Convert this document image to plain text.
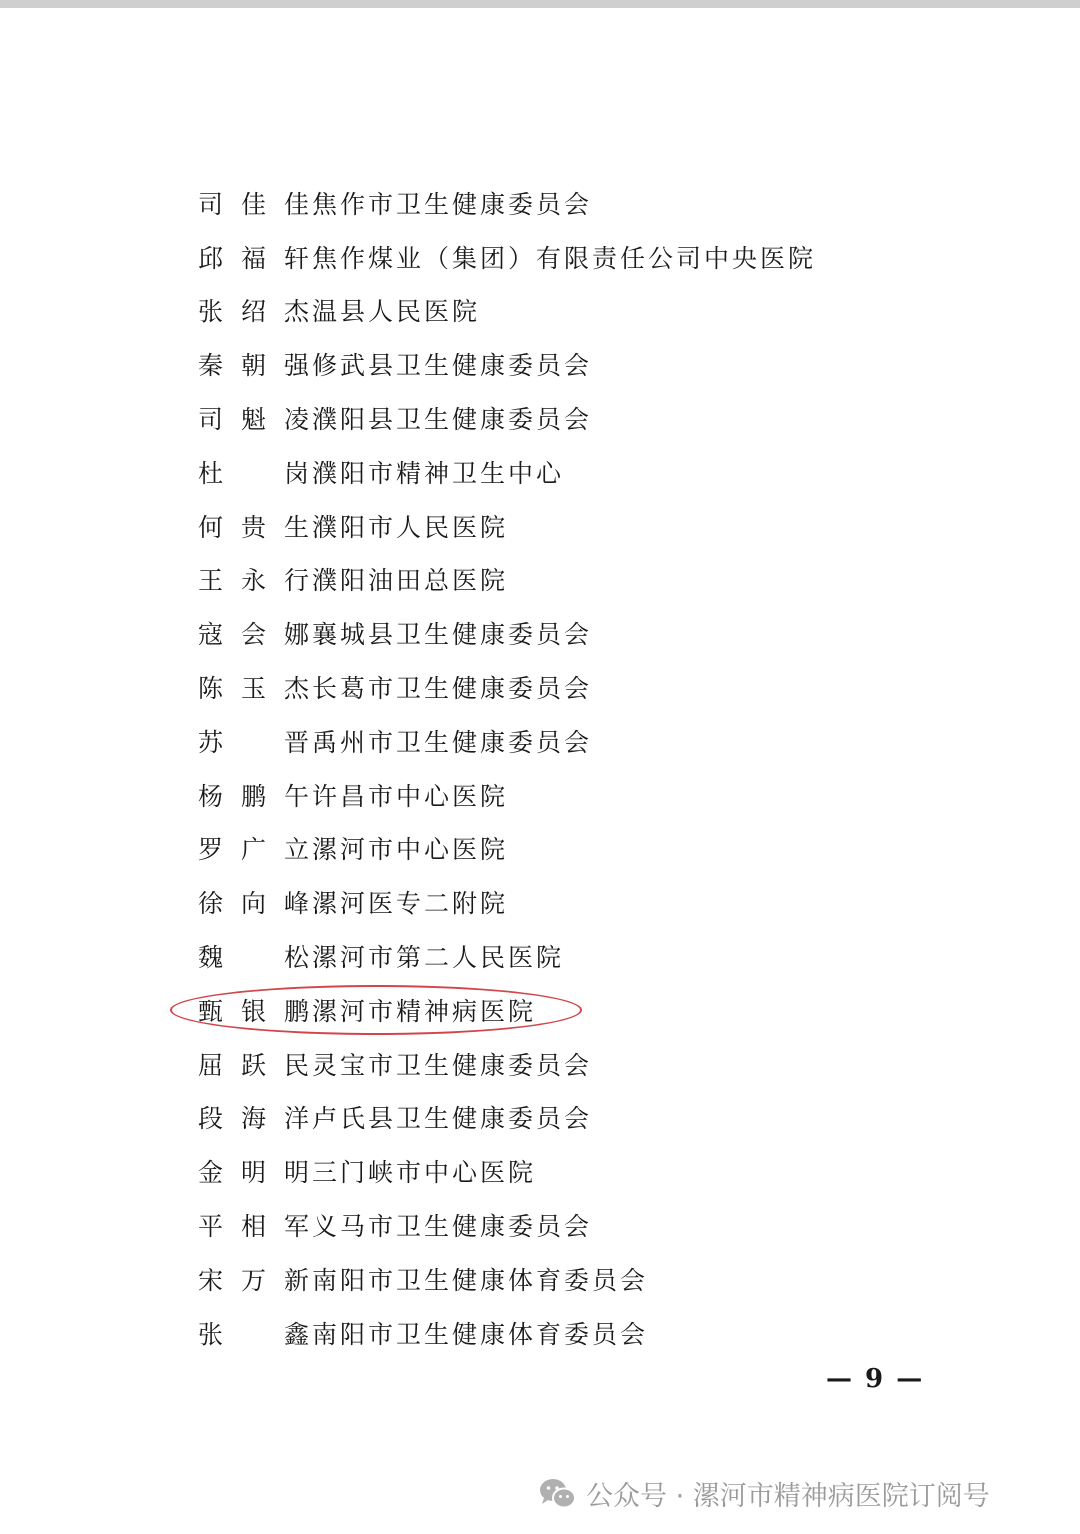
司 佳 佳 焦作市卫生健康委员会
邱 福 轩 焦作煤业（集团）有限责任公司中央医院
张 绍 杰 温县人民医院
秦 朝 强 修武县卫生健康委员会
司 魁 凌 濮阳县卫生健康委员会
杜 岗 濮阳市精神卫生中心
何 贵 生 濮阳市人民医院
王 永 行 濮阳油田总医院
寇 会 娜 襄城县卫生健康委员会
陈 玉 杰 长葛市卫生健康委员会
苏 晋 禹州市卫生健康委员会
杨 鹏 午 许昌市中心医院
罗 广 立 漯河市中心医院
徐 向 峰 漯河医专二附院
魏 松 漯河市第二人民医院
甄 银 鹏 漯河市精神病医院
屈 跃 民 灵宝市卫生健康委员会
段 海 洋 卢氏县卫生健康委员会
金 明 明 三门峡市中心医院
平 相 军 义马市卫生健康委员会
宋 万 新 南阳市卫生健康体育委员会
张 鑫 南阳市卫生健康体育委员会
— 9 —
公众号 · 漯河市精神病医院订阅号
